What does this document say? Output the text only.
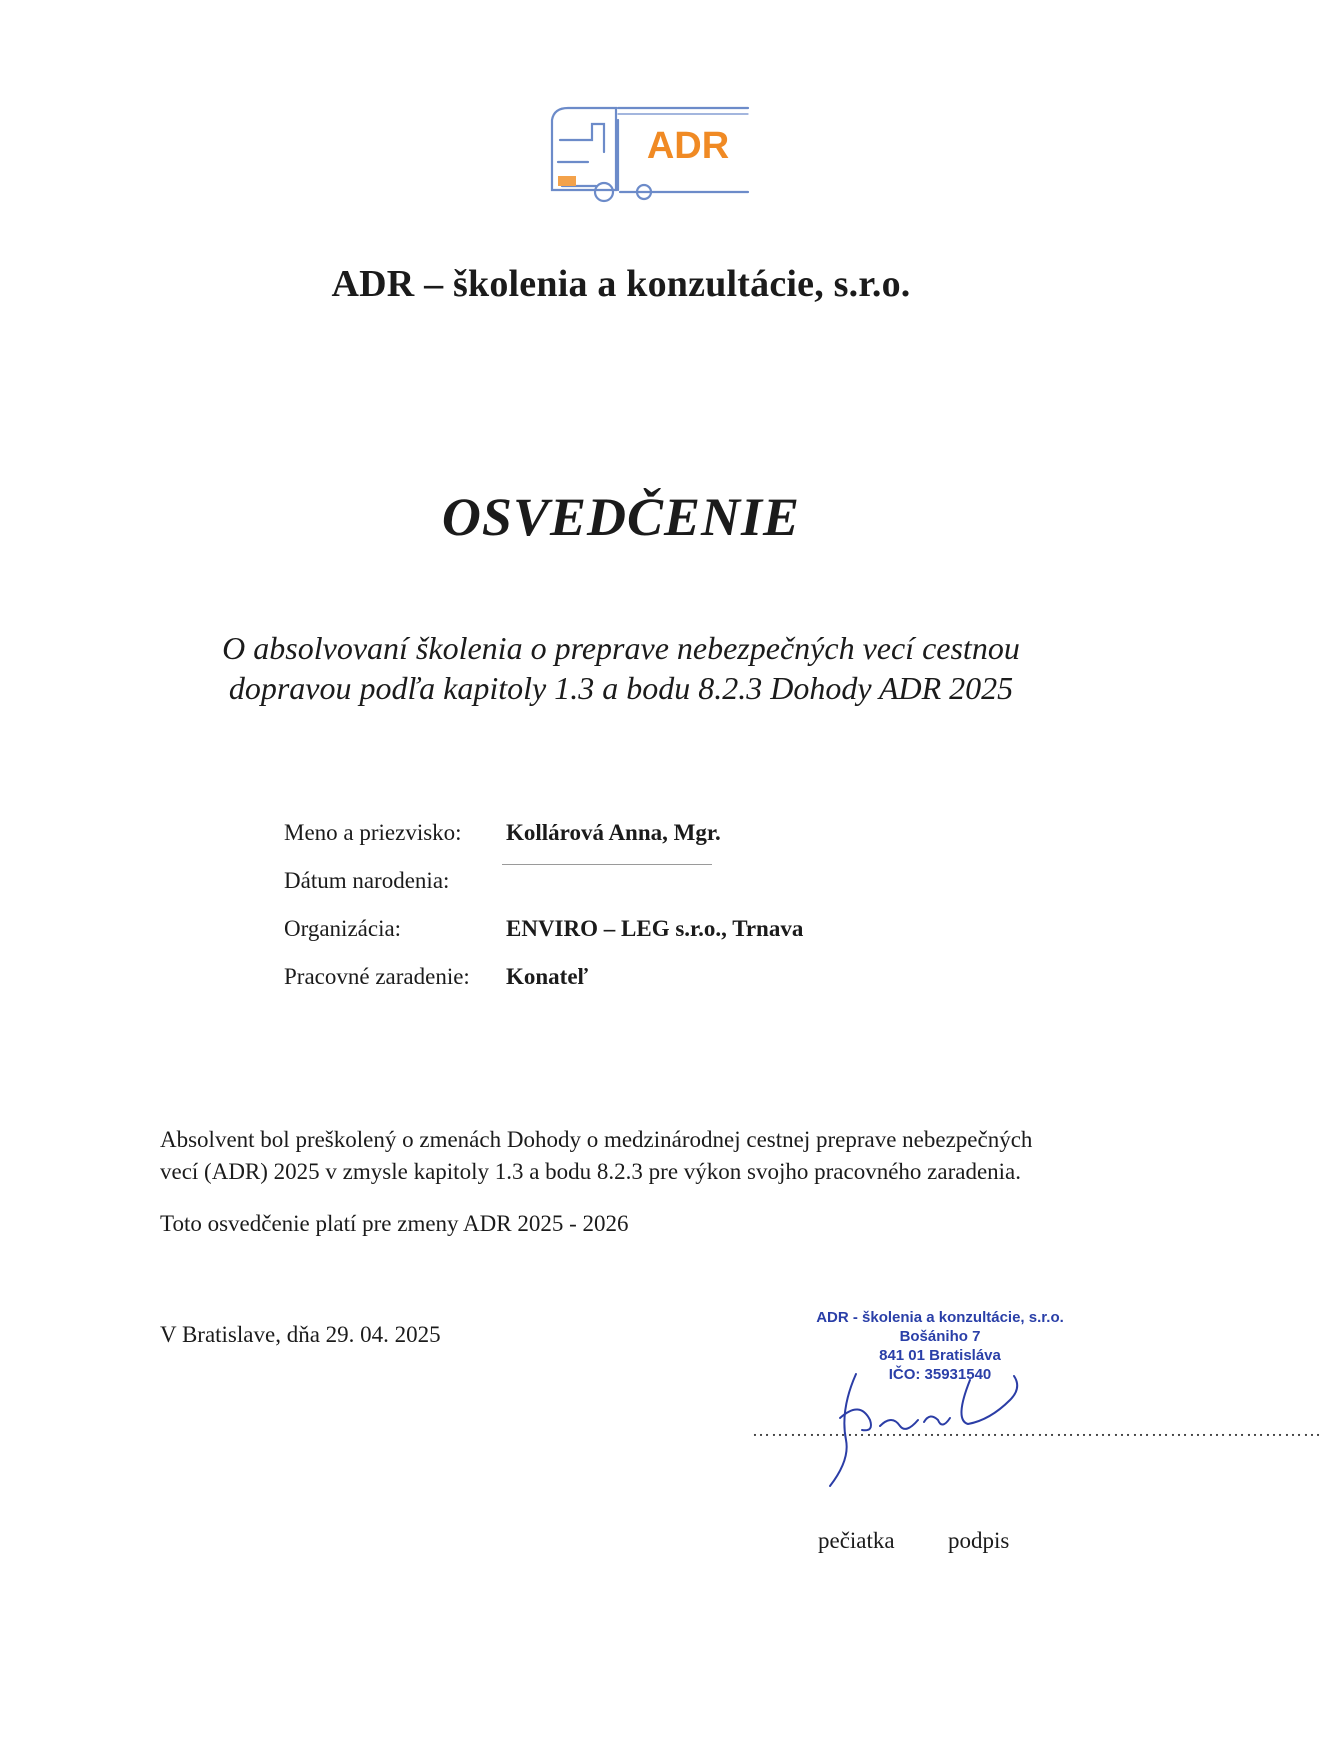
ADR
ADR – školenia a konzultácie, s.r.o.
OSVEDČENIE
O absolvovaní školenia o preprave nebezpečných vecí cestnou
dopravou podľa kapitoly 1.3 a bodu 8.2.3 Dohody ADR 2025
Meno a priezvisko: Kollárová Anna, Mgr.
Dátum narodenia:
Organizácia:	ENVIRO – LEG s.r.o., Trnava
Pracovné zaradenie: Konateľ
Absolvent bol preškolený o zmenách Dohody o medzinárodnej cestnej preprave nebezpečných
vecí (ADR) 2025 v zmysle kapitoly 1.3 a bodu 8.2.3 pre výkon svojho pracovného zaradenia.
Toto osvedčenie platí pre zmeny ADR 2025 - 2026
V Bratislave, dňa 29. 04. 2025
ADR - školenia a konzultácie, s.r.o.
Bošániho 7
841 01 Bratisláva
IČO: 35931540
………………………………………………………………………………
pečiatka podpis
